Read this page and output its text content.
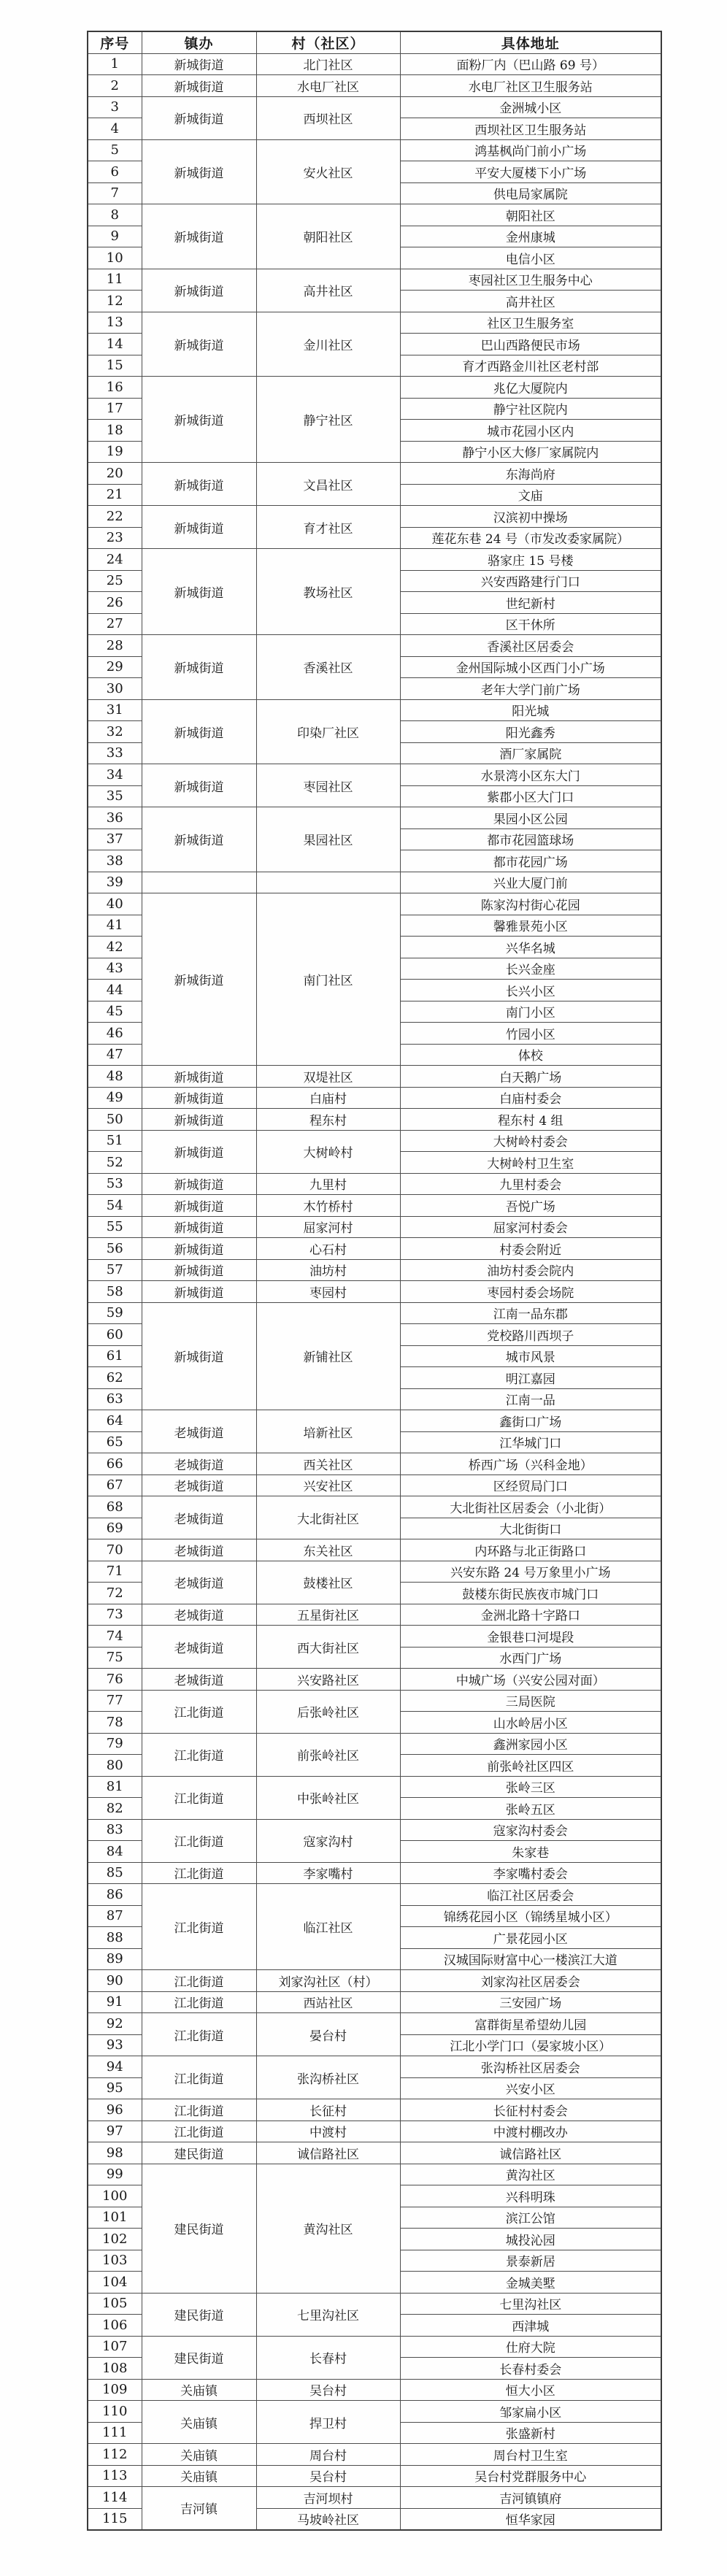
序号	镇办	村（社区）	具体地址
1	新城街道	北门社区	面粉厂内（巴山路 69 号）
2	新城街道	水电厂社区	水电厂社区卫生服务站
3	新城街道	西坝社区	金洲城小区
4			西坝社区卫生服务站
5	新城街道	安火社区	鸿基枫尚门前小广场
6			平安大厦楼下小广场
7			供电局家属院
8	新城街道	朝阳社区	朝阳社区
9			金州康城
10			电信小区
11	新城街道	高井社区	枣园社区卫生服务中心
12			高井社区
13	新城街道	金川社区	社区卫生服务室
14			巴山西路便民市场
15			育才西路金川社区老村部
16	新城街道	静宁社区	兆亿大厦院内
17			静宁社区院内
18			城市花园小区内
19			静宁小区大修厂家属院内
20	新城街道	文昌社区	东海尚府
21			文庙
22	新城街道	育才社区	汉滨初中操场
23			莲花东巷 24 号（市发改委家属院）
24	新城街道	教场社区	骆家庄 15 号楼
25			兴安西路建行门口
26			世纪新村
27			区干休所
28	新城街道	香溪社区	香溪社区居委会
29			金州国际城小区西门小广场
30			老年大学门前广场
31	新城街道	印染厂社区	阳光城
32			阳光鑫秀
33			酒厂家属院
34	新城街道	枣园社区	水景湾小区东大门
35			紫郡小区大门口
36	新城街道	果园社区	果园小区公园
37			都市花园篮球场
38			都市花园广场
39			兴业大厦门前
40	新城街道	南门社区	陈家沟村街心花园
41			馨雅景苑小区
42			兴华名城
43			长兴金座
44			长兴小区
45			南门小区
46			竹园小区
47			体校
48	新城街道	双堤社区	白天鹅广场
49	新城街道	白庙村	白庙村委会
50	新城街道	程东村	程东村 4 组
51	新城街道	大树岭村	大树岭村委会
52			大树岭村卫生室
53	新城街道	九里村	九里村委会
54	新城街道	木竹桥村	吾悦广场
55	新城街道	屈家河村	屈家河村委会
56	新城街道	心石村	村委会附近
57	新城街道	油坊村	油坊村委会院内
58	新城街道	枣园村	枣园村委会场院
59	新城街道	新铺社区	江南一品东郡
60			党校路川西坝子
61			城市风景
62			明江嘉园
63			江南一品
64	老城街道	培新社区	鑫街口广场
65			江华城门口
66	老城街道	西关社区	桥西广场（兴科金地）
67	老城街道	兴安社区	区经贸局门口
68	老城街道	大北街社区	大北街社区居委会（小北街）
69			大北街街口
70	老城街道	东关社区	内环路与北正街路口
71	老城街道	鼓楼社区	兴安东路 24 号万象里小广场
72			鼓楼东街民族夜市城门口
73	老城街道	五星街社区	金洲北路十字路口
74	老城街道	西大街社区	金银巷口河堤段
75			水西门广场
76	老城街道	兴安路社区	中城广场（兴安公园对面）
77	江北街道	后张岭社区	三局医院
78			山水岭居小区
79	江北街道	前张岭社区	鑫洲家园小区
80			前张岭社区四区
81	江北街道	中张岭社区	张岭三区
82			张岭五区
83	江北街道	寇家沟村	寇家沟村委会
84			朱家巷
85	江北街道	李家嘴村	李家嘴村委会
86	江北街道	临江社区	临江社区居委会
87			锦绣花园小区（锦绣星城小区）
88			广景花园小区
89			汉城国际财富中心一楼滨江大道
90	江北街道	刘家沟社区（村）	刘家沟社区居委会
91	江北街道	西站社区	三安园广场
92	江北街道	晏台村	富群街星希望幼儿园
93			江北小学门口（晏家坡小区）
94	江北街道	张沟桥社区	张沟桥社区居委会
95			兴安小区
96	江北街道	长征村	长征村村委会
97	江北街道	中渡村	中渡村棚改办
98	建民街道	诚信路社区	诚信路社区
99	建民街道	黄沟社区	黄沟社区
100			兴科明珠
101			滨江公馆
102			城投沁园
103			景泰新居
104			金城美墅
105	建民街道	七里沟社区	七里沟社区
106			西津城
107	建民街道	长春村	仕府大院
108			长春村委会
109	关庙镇	吴台村	恒大小区
110	关庙镇	捍卫村	邹家扁小区
111			张盛新村
112	关庙镇	周台村	周台村卫生室
113	关庙镇	吴台村	吴台村党群服务中心
114	吉河镇	吉河坝村	吉河镇镇府
115		马坡岭社区	恒华家园
